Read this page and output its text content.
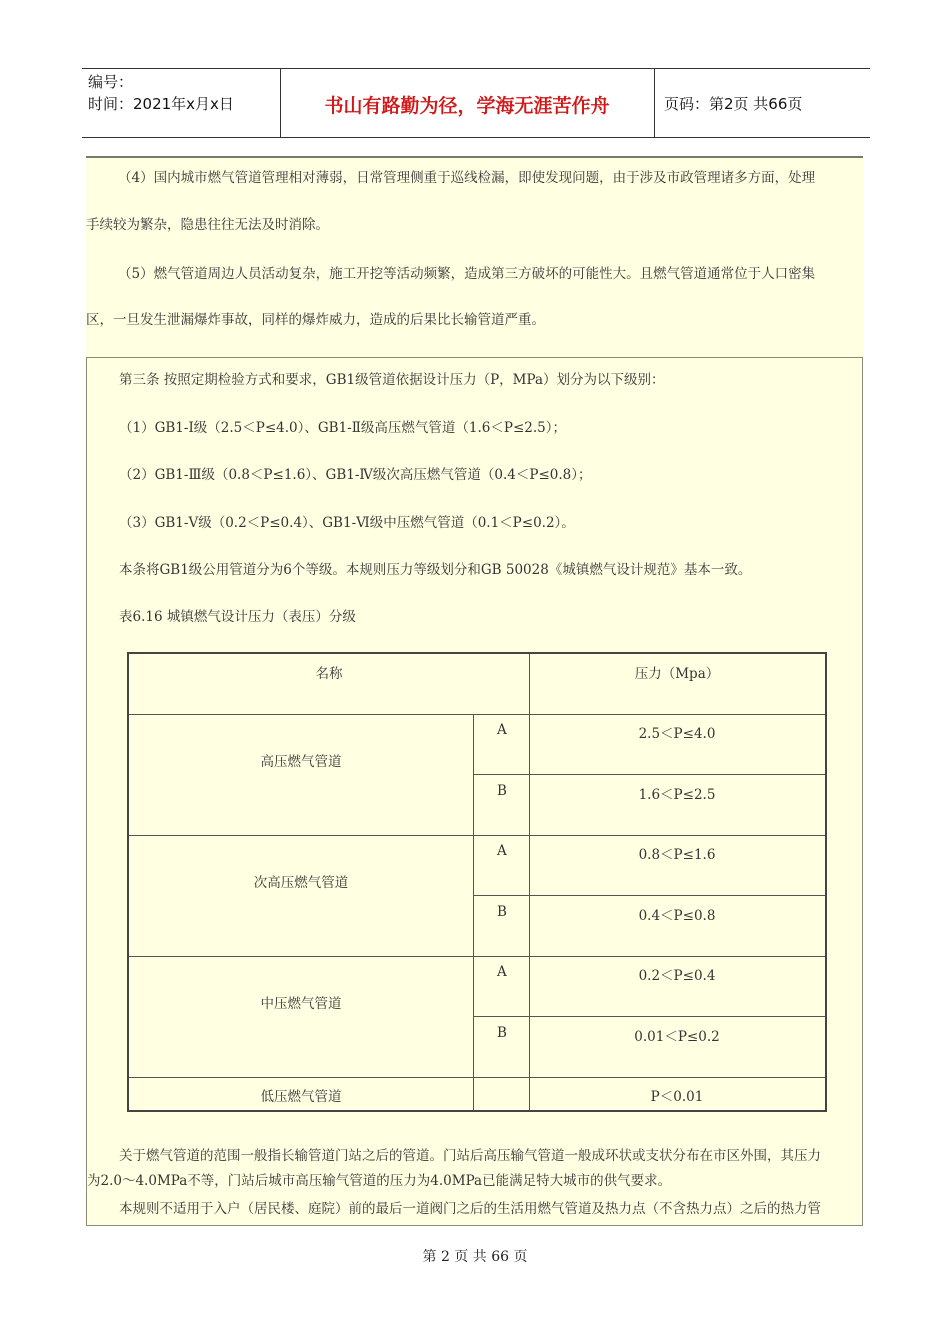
编号：
时间：2021年x月x日	书山有路勤为径，学海无涯苦作舟	页码：第2页 共66页

（4）国内城市燃气管道管理相对薄弱，日常管理侧重于巡线检漏，即使发现问题，由于涉及市政管理诸多方面，处理

手续较为繁杂，隐患往往无法及时消除。

（5）燃气管道周边人员活动复杂，施工开挖等活动频繁，造成第三方破坏的可能性大。且燃气管道通常位于人口密集

区，一旦发生泄漏爆炸事故，同样的爆炸威力，造成的后果比长输管道严重。

第三条 按照定期检验方式和要求，GB1级管道依据设计压力（P，MPa）划分为以下级别：

（1）GB1-Ⅰ级（2.5＜P≤4.0）、GB1-Ⅱ级高压燃气管道（1.6＜P≤2.5）；

（2）GB1-Ⅲ级（0.8＜P≤1.6）、GB1-Ⅳ级次高压燃气管道（0.4＜P≤0.8）；

（3）GB1-Ⅴ级（0.2＜P≤0.4）、GB1-Ⅵ级中压燃气管道（0.1＜P≤0.2）。

本条将GB1级公用管道分为6个等级。本规则压力等级划分和GB 50028《城镇燃气设计规范》基本一致。

表6.16 城镇燃气设计压力（表压）分级

名称	压力（Mpa）
高压燃气管道
A	2.5＜P≤4.0
B	1.6＜P≤2.5
次高压燃气管道
A	0.8＜P≤1.6
B	0.4＜P≤0.8
中压燃气管道
A	0.2＜P≤0.4
B	0.01＜P≤0.2
低压燃气管道	P＜0.01

关于燃气管道的范围一般指长输管道门站之后的管道。门站后高压输气管道一般成环状或支状分布在市区外围，其压力

为2.0～4.0MPa不等，门站后城市高压输气管道的压力为4.0MPa已能满足特大城市的供气要求。

本规则不适用于入户（居民楼、庭院）前的最后一道阀门之后的生活用燃气管道及热力点（不含热力点）之后的热力管

第 2 页 共 66 页
